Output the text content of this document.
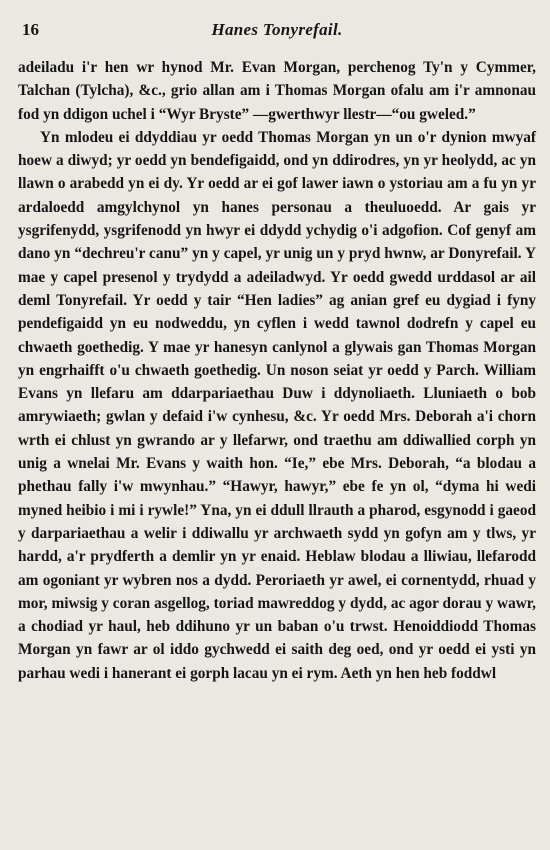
16	Hanes Tonyrefail.

adeiladu i'r hen wr hynod Mr. Evan Morgan, perchenog Ty'n y Cymmer, Talchan (Tylcha), &c., grio allan am i Thomas Morgan ofalu am i'r amnonau fod yn ddigon uchel i “Wyr Bryste” —gwerthwyr llestr—“ou gweled.”

Yn mlodeu ei ddyddiau yr oedd Thomas Morgan yn un o'r dynion mwyaf hoew a diwyd; yr oedd yn bendefigaidd, ond yn ddirodres, yn yr heolydd, ac yn llawn o arabedd yn ei dy. Yr oedd ar ei gof lawer iawn o ystoriau am a fu yn yr ardaloedd amgylchynol yn hanes personau a theuluoedd. Ar gais yr ysgrifenydd, ysgrifenodd yn hwyr ei ddydd ychydig o'i adgofion. Cof genyf am dano yn “dechreu'r canu” yn y capel, yr unig un y pryd hwnw, ar Donyrefail. Y mae y capel presenol y trydydd a adeiladwyd. Yr oedd gwedd urddasol ar ail deml Tonyrefail. Yr oedd y tair “Hen ladies” ag anian gref eu dygiad i fyny pendefigaidd yn eu nodweddu, yn cyflen i wedd tawnol dodrefn y capel eu chwaeth goethedig. Y mae yr hanesyn canlynol a glywais gan Thomas Morgan yn engrhaifft o'u chwaeth goethedig. Un noson seiat yr oedd y Parch. William Evans yn llefaru am ddarpariaethau Duw i ddynoliaeth. Lluniaeth o bob amrywiaeth; gwlan y defaid i'w cynhesu, &c. Yr oedd Mrs. Deborah a'i chorn wrth ei chlust yn gwrando ar y llefarwr, ond traethu am ddiwallied corph yn unig a wnelai Mr. Evans y waith hon. “Ie,” ebe Mrs. Deborah, “a blodau a phethau fally i'w mwynhau.” “Hawyr, hawyr,” ebe fe yn ol, “dyma hi wedi myned heibio i mi i rywle!” Yna, yn ei ddull llrauth a pharod, esgynodd i gaeod y darpariaethau a welir i ddiwallu yr archwaeth sydd yn gofyn am y tlws, yr hardd, a'r prydferth a demlir yn yr enaid. Heblaw blodau a lliwiau, llefarodd am ogoniant yr wybren nos a dydd. Peroriaeth yr awel, ei cornentydd, rhuad y mor, miwsig y coran asgellog, toriad mawreddog y dydd, ac agor dorau y wawr, a chodiad yr haul, heb ddihuno yr un baban o'u trwst. Henoiddiodd Thomas Morgan yn fawr ar ol iddo gychwedd ei saith deg oed, ond yr oedd ei ysti yn parhau wedi i hanerant ei gorph lacau yn ei rym. Aeth yn hen heb foddwl
